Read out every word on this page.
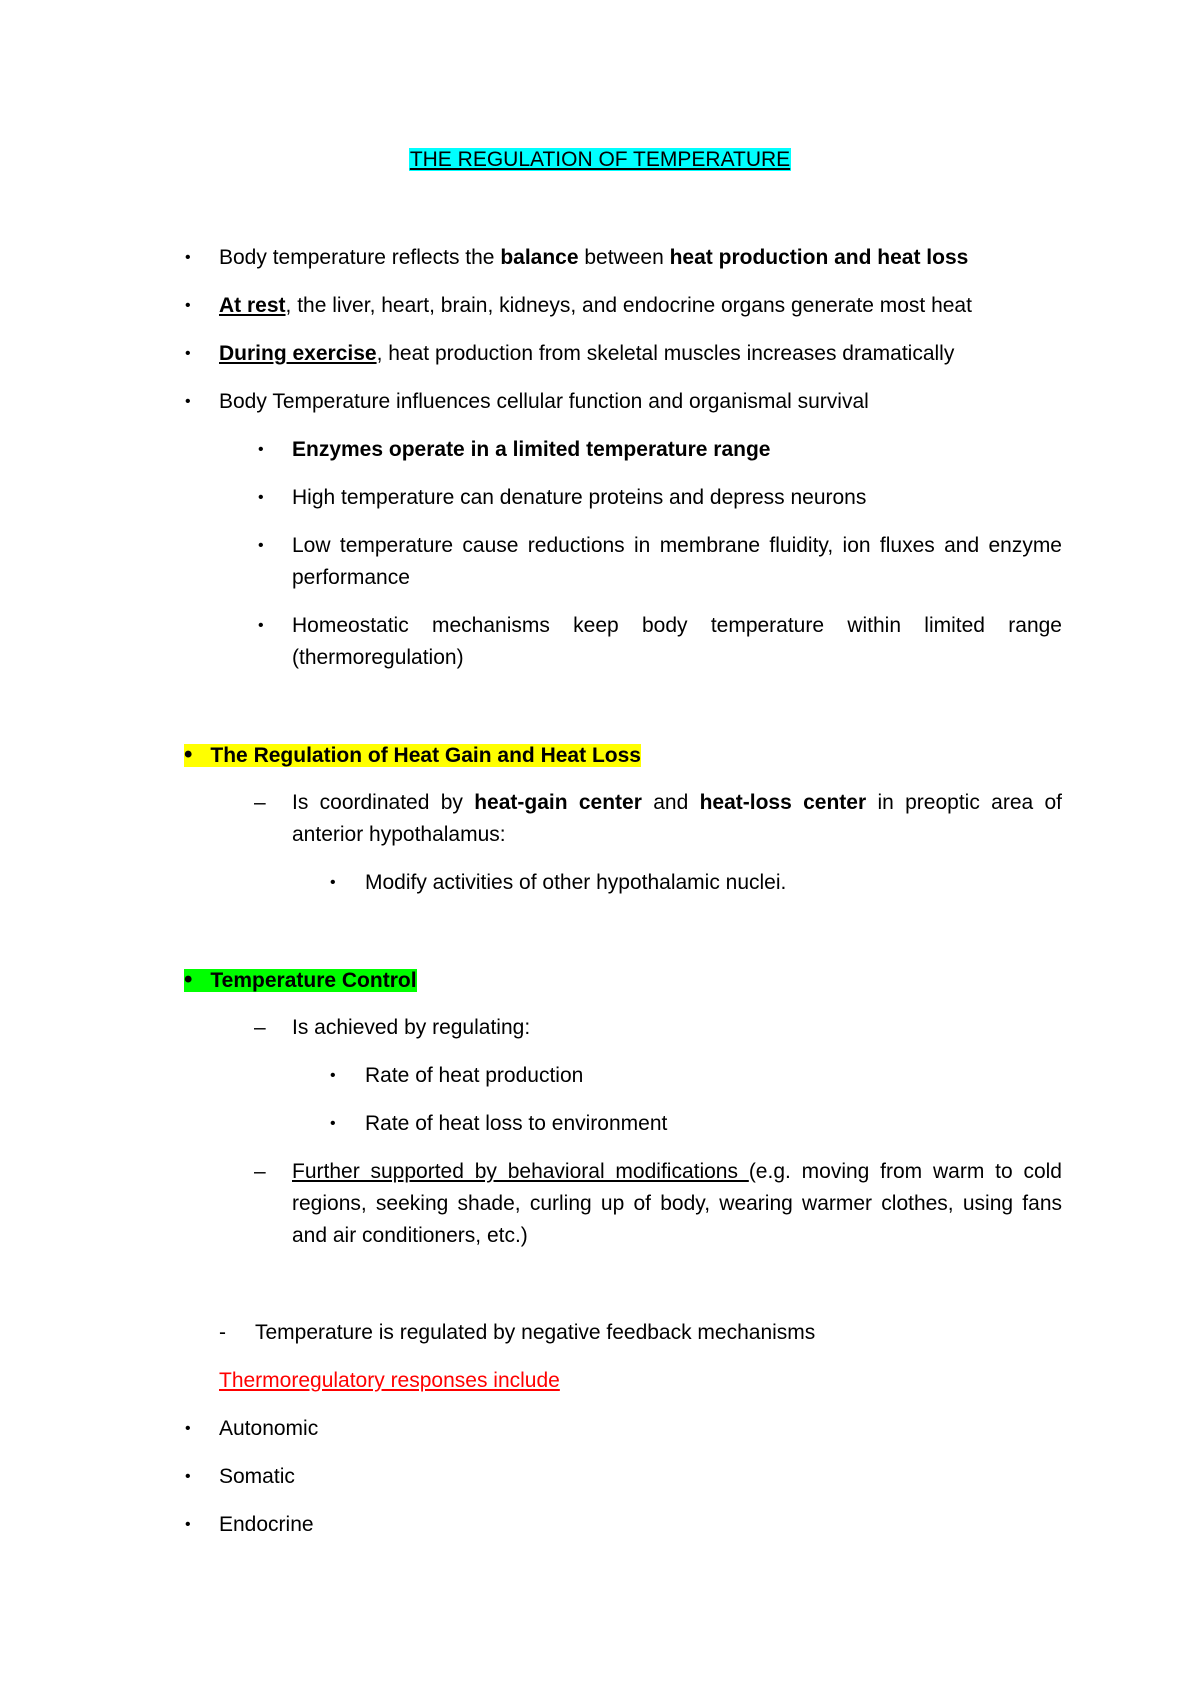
THE REGULATION OF TEMPERATURE
• Body temperature reflects the balance between heat production and heat loss
• At rest, the liver, heart, brain, kidneys, and endocrine organs generate most heat
• During exercise, heat production from skeletal muscles increases dramatically
• Body Temperature influences cellular function and organismal survival
• Enzymes operate in a limited temperature range
• High temperature can denature proteins and depress neurons
• Low temperature cause reductions in membrane fluidity, ion fluxes and enzyme performance
• Homeostatic mechanisms keep body temperature within limited range (thermoregulation)
• The Regulation of Heat Gain and Heat Loss
– Is coordinated by heat-gain center and heat-loss center in preoptic area of anterior hypothalamus:
• Modify activities of other hypothalamic nuclei.
• Temperature Control
– Is achieved by regulating:
• Rate of heat production
• Rate of heat loss to environment
– Further supported by behavioral modifications (e.g. moving from warm to cold regions, seeking shade, curling up of body, wearing warmer clothes, using fans and air conditioners, etc.)
- Temperature is regulated by negative feedback mechanisms
Thermoregulatory responses include
• Autonomic
• Somatic
• Endocrine
